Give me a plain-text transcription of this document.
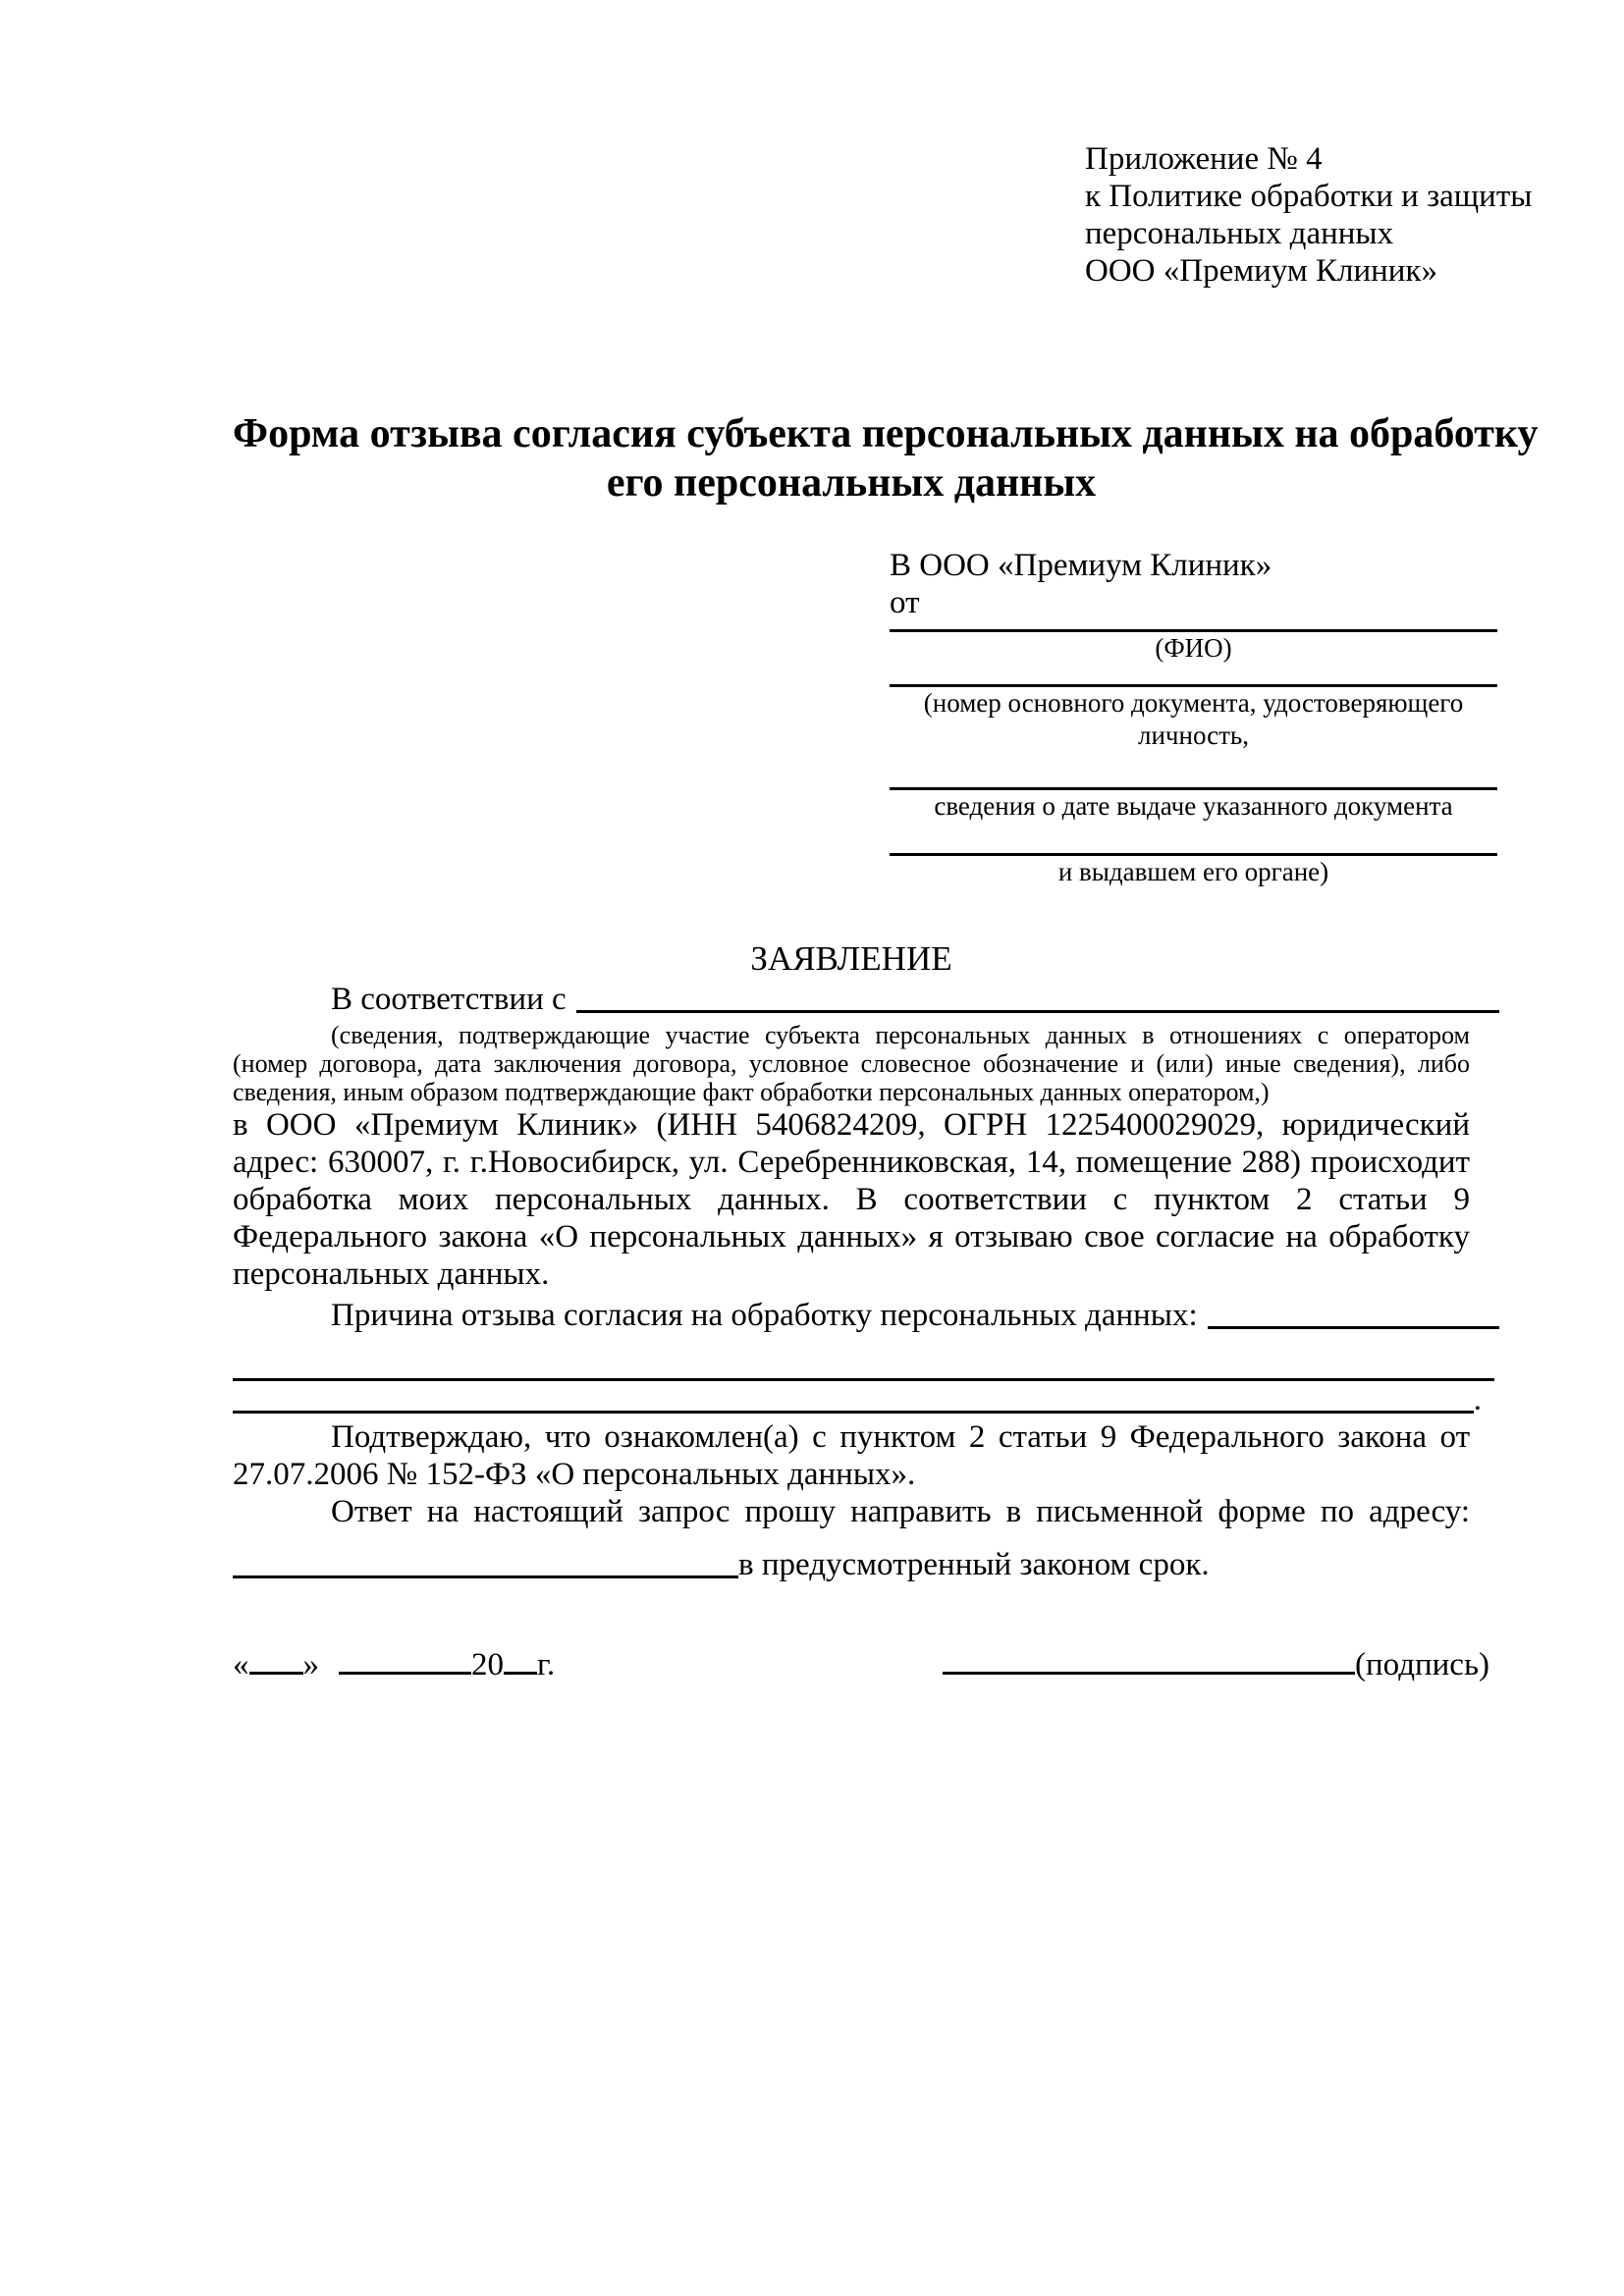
Приложение № 4
к Политике обработки и защиты
персональных данных
ООО «Премиум Клиник»
Форма отзыва согласия субъекта персональных данных на обработку
его персональных данных
В ООО «Премиум Клиник»
от
(ФИО)
(номер основного документа, удостоверяющего личность,
сведения о дате выдаче указанного документа
и выдавшем его органе)
ЗАЯВЛЕНИЕ
В соответствии с
(сведения, подтверждающие участие субъекта персональных данных в отношениях с оператором (номер договора, дата заключения договора, условное словесное обозначение и (или) иные сведения), либо сведения, иным образом подтверждающие факт обработки персональных данных оператором,)
в ООО «Премиум Клиник» (ИНН 5406824209, ОГРН 1225400029029, юридический адрес: 630007, г. г.Новосибирск, ул. Серебренниковская, 14, помещение 288) происходит обработка моих персональных данных. В соответствии с пунктом 2 статьи 9 Федерального закона «О персональных данных» я отзываю свое согласие на обработку персональных данных.
Причина отзыва согласия на обработку персональных данных:
.
Подтверждаю, что ознакомлен(а) с пунктом 2 статьи 9 Федерального закона от 27.07.2006 № 152-ФЗ «О персональных данных».
Ответ на настоящий запрос прошу направить в письменной форме по адресу:
в предусмотренный законом срок.
« »	20 г.	(подпись)
